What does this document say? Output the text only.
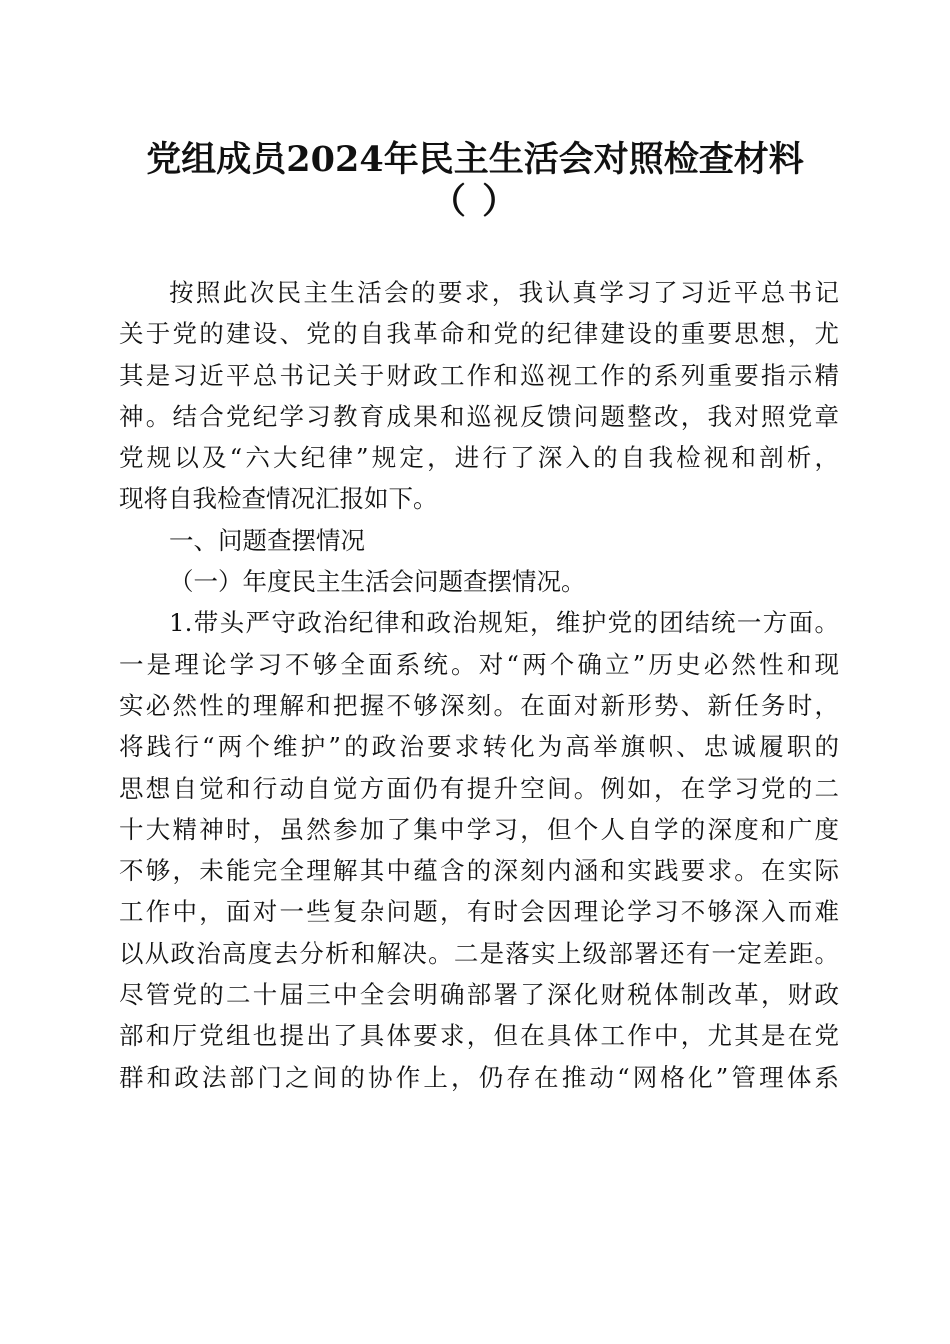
党组成员2024年民主生活会对照检查材料
（ ）
按照此次民主生活会的要求，我认真学习了习近平总书记
关于党的建设、党的自我革命和党的纪律建设的重要思想，尤
其是习近平总书记关于财政工作和巡视工作的系列重要指示精
神。结合党纪学习教育成果和巡视反馈问题整改，我对照党章
党规以及“六大纪律”规定，进行了深入的自我检视和剖析，
现将自我检查情况汇报如下。
一、问题查摆情况
（一）年度民主生活会问题查摆情况。
1.带头严守政治纪律和政治规矩，维护党的团结统一方面。
一是理论学习不够全面系统。对“两个确立”历史必然性和现
实必然性的理解和把握不够深刻。在面对新形势、新任务时，
将践行“两个维护”的政治要求转化为高举旗帜、忠诚履职的
思想自觉和行动自觉方面仍有提升空间。例如，在学习党的二
十大精神时，虽然参加了集中学习，但个人自学的深度和广度
不够，未能完全理解其中蕴含的深刻内涵和实践要求。在实际
工作中，面对一些复杂问题，有时会因理论学习不够深入而难
以从政治高度去分析和解决。二是落实上级部署还有一定差距。
尽管党的二十届三中全会明确部署了深化财税体制改革，财政
部和厅党组也提出了具体要求，但在具体工作中，尤其是在党
群和政法部门之间的协作上，仍存在推动“网格化”管理体系
